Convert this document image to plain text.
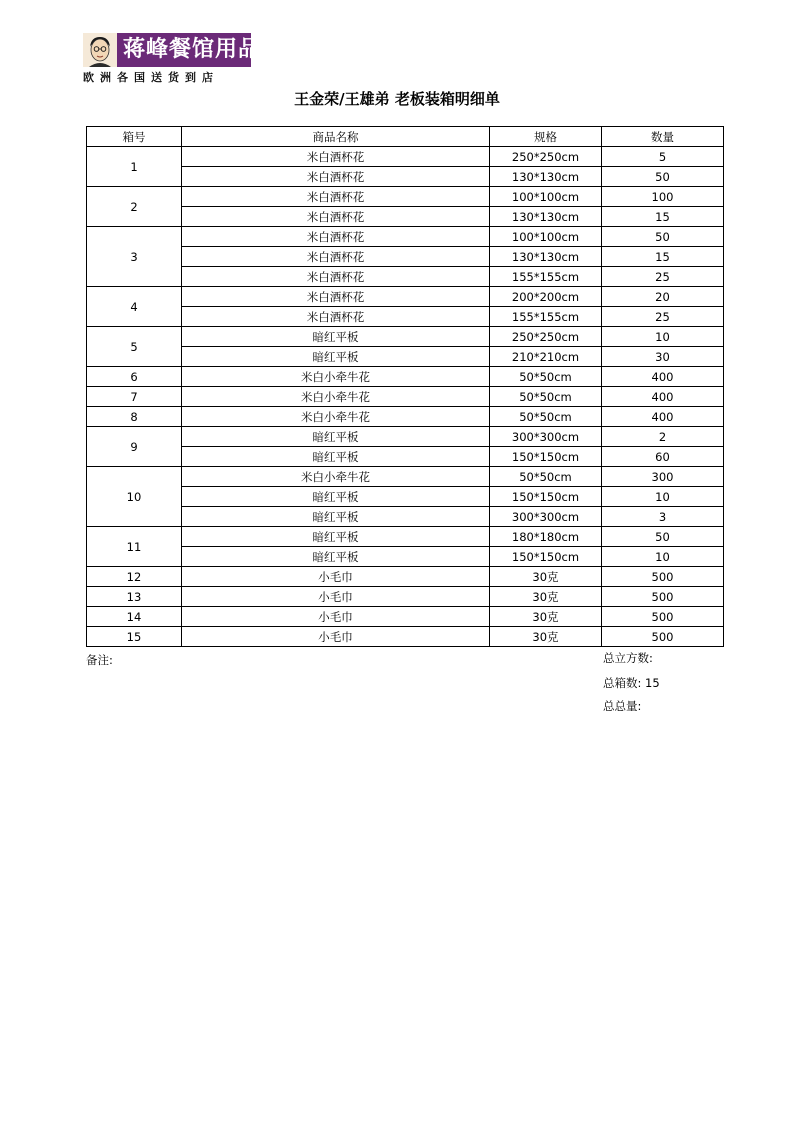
蒋峰餐馆用品
欧洲各国送货到店
王金荣/王雄弟 老板装箱明细单
箱号	商品名称	规格	数量
1	米白酒杯花	250*250cm	5
	米白酒杯花	130*130cm	50
2	米白酒杯花	100*100cm	100
	米白酒杯花	130*130cm	15
3	米白酒杯花	100*100cm	50
	米白酒杯花	130*130cm	15
	米白酒杯花	155*155cm	25
4	米白酒杯花	200*200cm	20
	米白酒杯花	155*155cm	25
5	暗红平板	250*250cm	10
	暗红平板	210*210cm	30
6	米白小牵牛花	50*50cm	400
7	米白小牵牛花	50*50cm	400
8	米白小牵牛花	50*50cm	400
9	暗红平板	300*300cm	2
	暗红平板	150*150cm	60
10	米白小牵牛花	50*50cm	300
	暗红平板	150*150cm	10
	暗红平板	300*300cm	3
11	暗红平板	180*180cm	50
	暗红平板	150*150cm	10
12	小毛巾	30克	500
13	小毛巾	30克	500
14	小毛巾	30克	500
15	小毛巾	30克	500
备注:	总立方数:
总箱数: 15
总总量:
